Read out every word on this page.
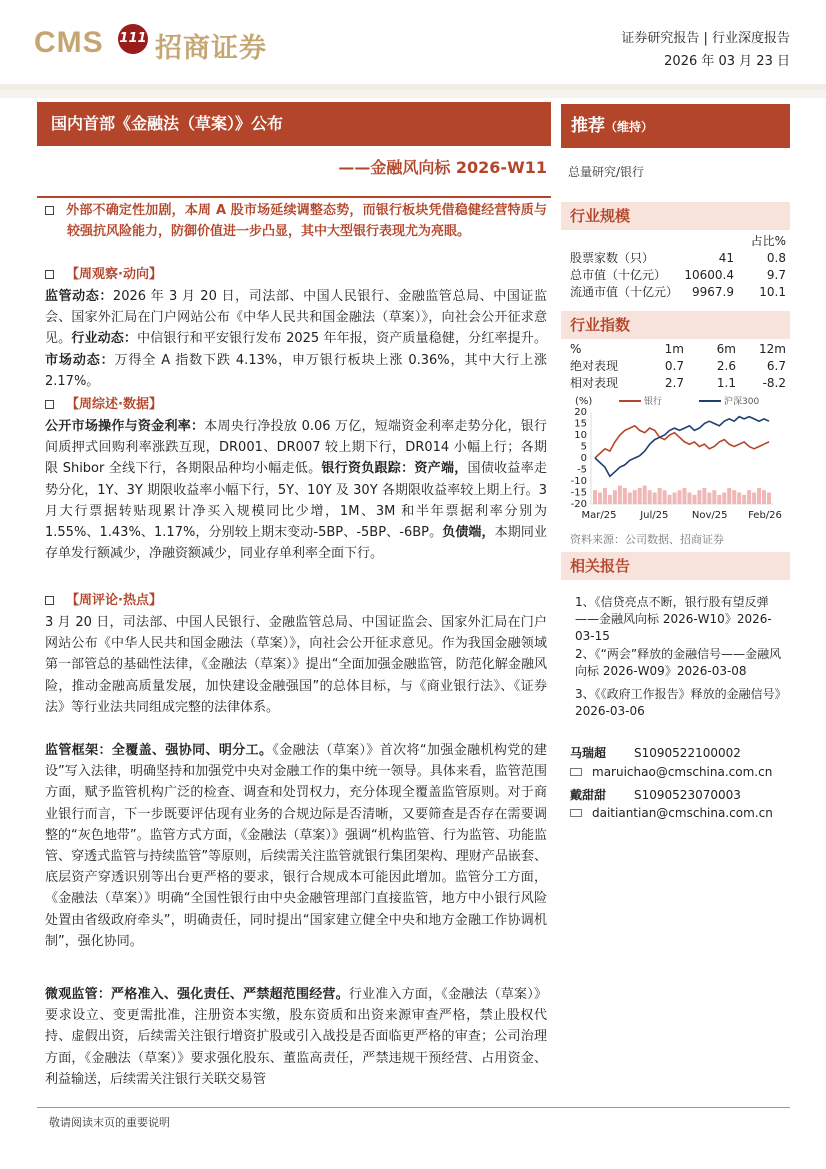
CMS 111 招商证券	证券研究报告 | 行业深度报告
2026 年 03 月 23 日
国内首部《金融法（草案）》公布
——金融风向标 2026-W11
推荐（维持）
总量研究/银行

外部不确定性加剧，本周 A 股市场延续调整态势，而银行板块凭借稳健经营特质与较强抗风险能力，防御价值进一步凸显，其中大型银行表现尤为亮眼。

【周观察·动向】

监管动态：2026 年 3 月 20 日，司法部、中国人民银行、金融监管总局、中国证监会、国家外汇局在门户网站公布《中华人民共和国金融法（草案）》，向社会公开征求意见。行业动态：中信银行和平安银行发布 2025 年年报，资产质量稳健，分红率提升。市场动态：万得全 A 指数下跌 4.13%，申万银行板块上涨 0.36%，其中大行上涨 2.17%。

【周综述·数据】

公开市场操作与资金利率：本周央行净投放 0.06 万亿，短端资金利率走势分化，银行间质押式回购利率涨跌互现，DR001、DR007 较上期下行，DR014 小幅上行；各期限 Shibor 全线下行，各期限品种均小幅走低。银行资负跟踪：资产端，国债收益率走势分化，1Y、3Y 期限收益率小幅下行，5Y、10Y 及 30Y 各期限收益率较上期上行。3 月大行票据转贴现累计净买入规模同比少增，1M、3M 和半年票据利率分别为 1.55%、1.43%、1.17%，分别较上期末变动-5BP、-5BP、-6BP。负债端，本期同业存单发行额减少，净融资额减少，同业存单利率全面下行。

【周评论·热点】

3 月 20 日，司法部、中国人民银行、金融监管总局、中国证监会、国家外汇局在门户网站公布《中华人民共和国金融法（草案）》，向社会公开征求意见。作为我国金融领域第一部管总的基础性法律，《金融法（草案）》提出“全面加强金融监管，防范化解金融风险，推动金融高质量发展，加快建设金融强国”的总体目标，与《商业银行法》、《证券法》等行业法共同组成完整的法律体系。

监管框架：全覆盖、强协同、明分工。《金融法（草案）》首次将“加强金融机构党的建设”写入法律，明确坚持和加强党中央对金融工作的集中统一领导。具体来看，监管范围方面，赋予监管机构广泛的检查、调查和处罚权力，充分体现全覆盖监管原则。对于商业银行而言，下一步既要评估现有业务的合规边际是否清晰，又要筛查是否存在需要调整的“灰色地带”。监管方式方面，《金融法（草案）》强调“机构监管、行为监管、功能监管、穿透式监管与持续监管”等原则，后续需关注监管就银行集团架构、理财产品嵌套、底层资产穿透识别等出台更严格的要求，银行合规成本可能因此增加。监管分工方面，《金融法（草案）》明确“全国性银行由中央金融管理部门直接监管，地方中小银行风险处置由省级政府牵头”，明确责任，同时提出“国家建立健全中央和地方金融工作协调机制”，强化协同。

微观监管：严格准入、强化责任、严禁超范围经营。行业准入方面，《金融法（草案）》要求设立、变更需批准，注册资本实缴，股东资质和出资来源审查严格，禁止股权代持、虚假出资，后续需关注银行增资扩股或引入战投是否面临更严格的审查；公司治理方面，《金融法（草案）》要求强化股东、董监高责任，严禁违规干预经营、占用资金、利益输送，后续需关注银行关联交易管

行业规模
		占比%
股票家数（只）	41	0.8
总市值（十亿元）	10600.4	9.7
流通市值（十亿元）	9967.9	10.1
行业指数
%	1m	6m	12m
绝对表现	0.7	2.6	6.7
相对表现	2.7	1.1	-8.2
(%)	银行	沪深300
20
15
10
5
0
-5
-10
-15
-20
Mar/25 Jul/25 Nov/25 Feb/26
资料来源：公司数据、招商证券
相关报告
1、《信贷亮点不断，银行股有望反弹——金融风向标 2026-W10》2026-03-15
2、《“两会”释放的金融信号——金融风向标 2026-W09》2026-03-08
3、《《政府工作报告》释放的金融信号》2026-03-06
马瑞超 S1090522100002
maruichao@cmschina.com.cn
戴甜甜 S1090523070003
daitiantian@cmschina.com.cn
敬请阅读末页的重要说明
